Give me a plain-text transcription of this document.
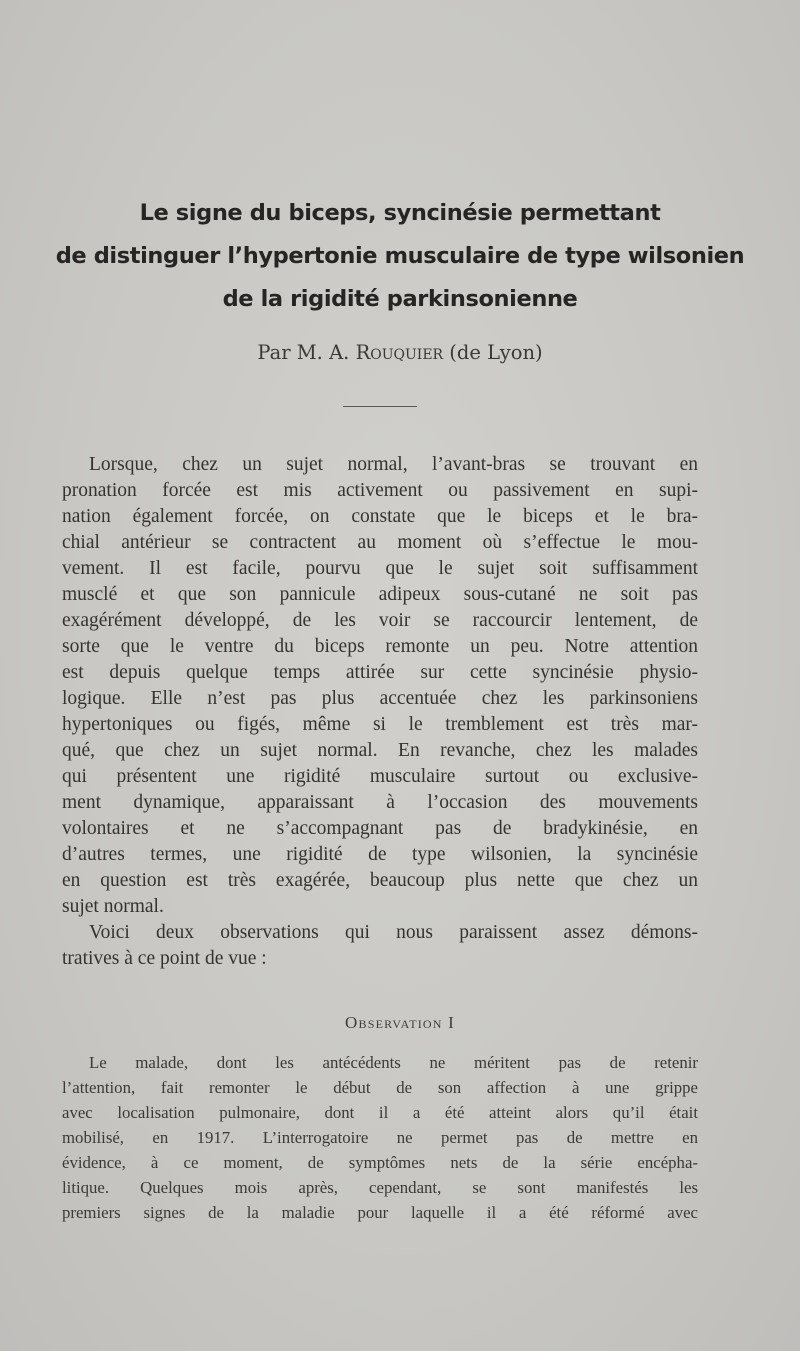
Le signe du biceps, syncinésie permettant
de distinguer l’hypertonie musculaire de type wilsonien
de la rigidité parkinsonienne
Par M. A. Rouquier (de Lyon)
Lorsque, chez un sujet normal, l’avant-bras se trouvant en
pronation forcée est mis activement ou passivement en supi-
nation également forcée, on constate que le biceps et le bra-
chial antérieur se contractent au moment où s’effectue le mou-
vement. Il est facile, pourvu que le sujet soit suffisamment
musclé et que son pannicule adipeux sous-cutané ne soit pas
exagérément développé, de les voir se raccourcir lentement, de
sorte que le ventre du biceps remonte un peu. Notre attention
est depuis quelque temps attirée sur cette syncinésie physio-
logique. Elle n’est pas plus accentuée chez les parkinsoniens
hypertoniques ou figés, même si le tremblement est très mar-
qué, que chez un sujet normal. En revanche, chez les malades
qui présentent une rigidité musculaire surtout ou exclusive-
ment dynamique, apparaissant à l’occasion des mouvements
volontaires et ne s’accompagnant pas de bradykinésie, en
d’autres termes, une rigidité de type wilsonien, la syncinésie
en question est très exagérée, beaucoup plus nette que chez un
sujet normal.
Voici deux observations qui nous paraissent assez démons-
tratives à ce point de vue :
Observation I
Le malade, dont les antécédents ne méritent pas de retenir
l’attention, fait remonter le début de son affection à une grippe
avec localisation pulmonaire, dont il a été atteint alors qu’il était
mobilisé, en 1917. L’interrogatoire ne permet pas de mettre en
évidence, à ce moment, de symptômes nets de la série encépha-
litique. Quelques mois après, cependant, se sont manifestés les
premiers signes de la maladie pour laquelle il a été réformé avec
